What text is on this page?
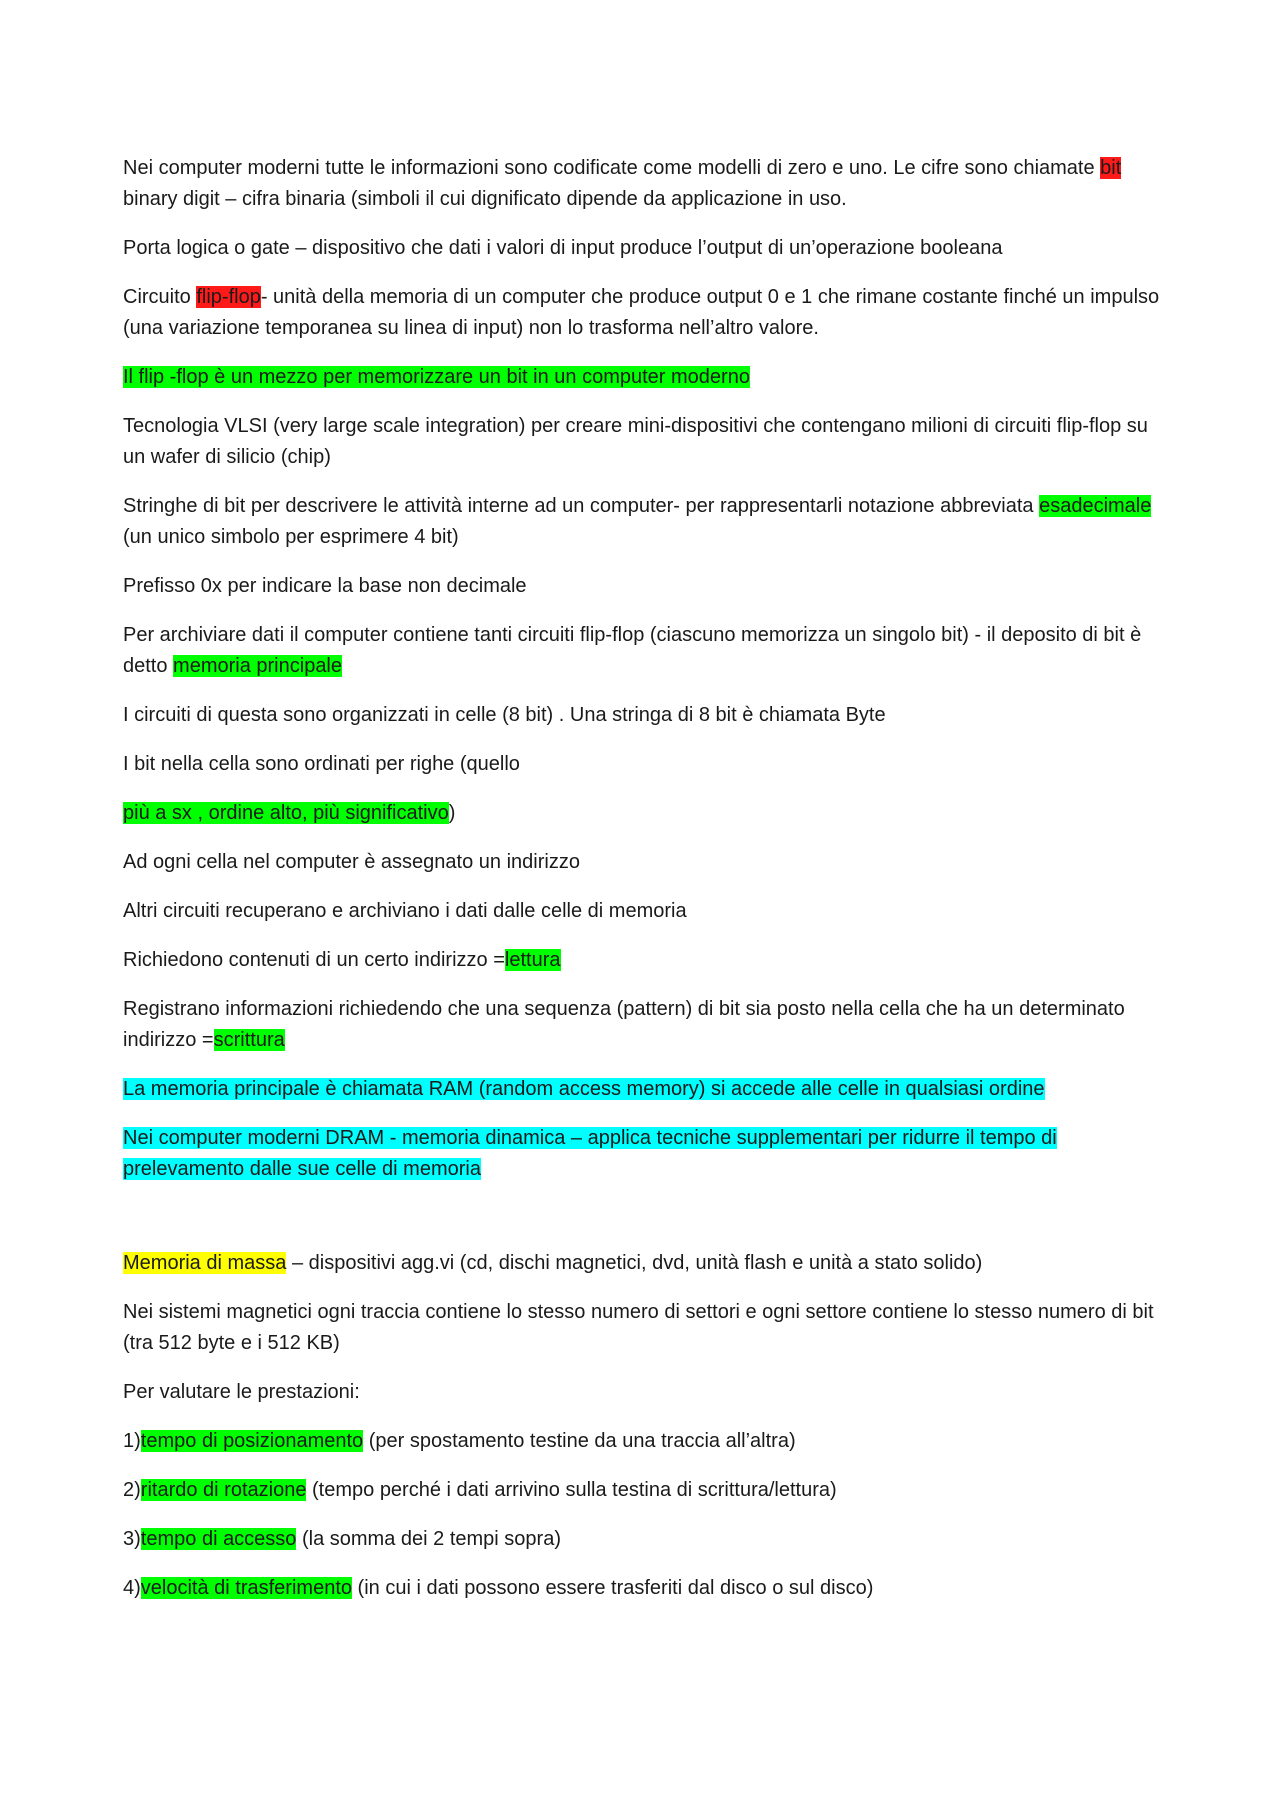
Nei computer moderni tutte le informazioni sono codificate come modelli di zero e uno. Le cifre sono chiamate bit binary digit – cifra binaria (simboli il cui dignificato dipende da applicazione in uso.

Porta logica o gate – dispositivo che dati i valori di input produce l’output di un’operazione booleana

Circuito flip-flop- unità della memoria di un computer che produce output 0 e 1 che rimane costante finché un impulso (una variazione temporanea su linea di input) non lo trasforma nell’altro valore.

Il flip -flop è un mezzo per memorizzare un bit in un computer moderno

Tecnologia VLSI (very large scale integration) per creare mini-dispositivi che contengano milioni di circuiti flip-flop su un wafer di silicio (chip)

Stringhe di bit per descrivere le attività interne ad un computer- per rappresentarli notazione abbreviata esadecimale (un unico simbolo per esprimere 4 bit)

Prefisso 0x per indicare la base non decimale

Per archiviare dati il computer contiene tanti circuiti flip-flop (ciascuno memorizza un singolo bit) - il deposito di bit è detto memoria principale

I circuiti di questa sono organizzati in celle (8 bit) . Una stringa di 8 bit è chiamata Byte

I bit nella cella sono ordinati per righe (quello

più a sx , ordine alto, più significativo)

Ad ogni cella nel computer è assegnato un indirizzo

Altri circuiti recuperano e archiviano i dati dalle celle di memoria

Richiedono contenuti di un certo indirizzo =lettura

Registrano informazioni richiedendo che una sequenza (pattern) di bit sia posto nella cella che ha un determinato indirizzo =scrittura

La memoria principale è chiamata RAM (random access memory) si accede alle celle in qualsiasi ordine

Nei computer moderni DRAM - memoria dinamica – applica tecniche supplementari per ridurre il tempo di prelevamento dalle sue celle di memoria

Memoria di massa – dispositivi agg.vi (cd, dischi magnetici, dvd, unità flash e unità a stato solido)

Nei sistemi magnetici ogni traccia contiene lo stesso numero di settori e ogni settore contiene lo stesso numero di bit (tra 512 byte e i 512 KB)

Per valutare le prestazioni:

1)tempo di posizionamento (per spostamento testine da una traccia all’altra)

2)ritardo di rotazione (tempo perché i dati arrivino sulla testina di scrittura/lettura)

3)tempo di accesso (la somma dei 2 tempi sopra)

4)velocità di trasferimento (in cui i dati possono essere trasferiti dal disco o sul disco)
